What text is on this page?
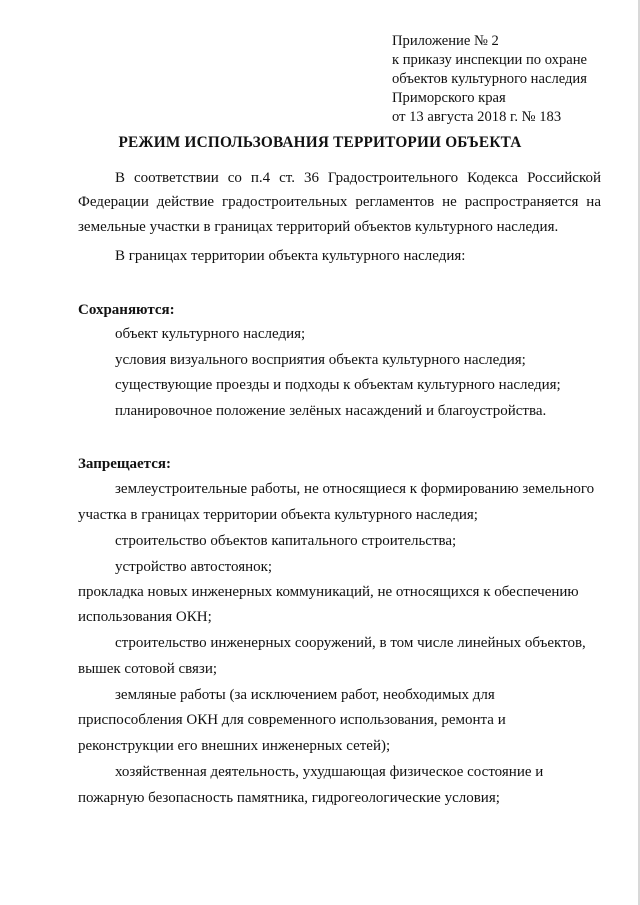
Приложение № 2
к приказу инспекции по охране
объектов культурного наследия
Приморского края
от 13 августа 2018 г. № 183
РЕЖИМ ИСПОЛЬЗОВАНИЯ ТЕРРИТОРИИ ОБЪЕКТА
В соответствии со п.4 ст. 36 Градостроительного Кодекса Российской
Федерации действие градостроительных регламентов не распространяется на
земельные участки в границах территорий объектов культурного наследия.
В границах территории объекта культурного наследия:
Сохраняются:
объект культурного наследия;
условия визуального восприятия объекта культурного наследия;
существующие проезды и подходы к объектам культурного наследия;
планировочное положение зелёных насаждений и благоустройства.
Запрещается:
землеустроительные работы, не относящиеся к формированию земельного
участка в границах территории объекта культурного наследия;
строительство объектов капитального строительства;
устройство автостоянок;
прокладка новых инженерных коммуникаций, не относящихся к обеспечению
использования ОКН;
строительство инженерных сооружений, в том числе линейных объектов,
вышек сотовой связи;
земляные работы (за исключением работ, необходимых для
приспособления ОКН для современного использования, ремонта и
реконструкции его внешних инженерных сетей);
хозяйственная деятельность, ухудшающая физическое состояние и
пожарную безопасность памятника, гидрогеологические условия;
